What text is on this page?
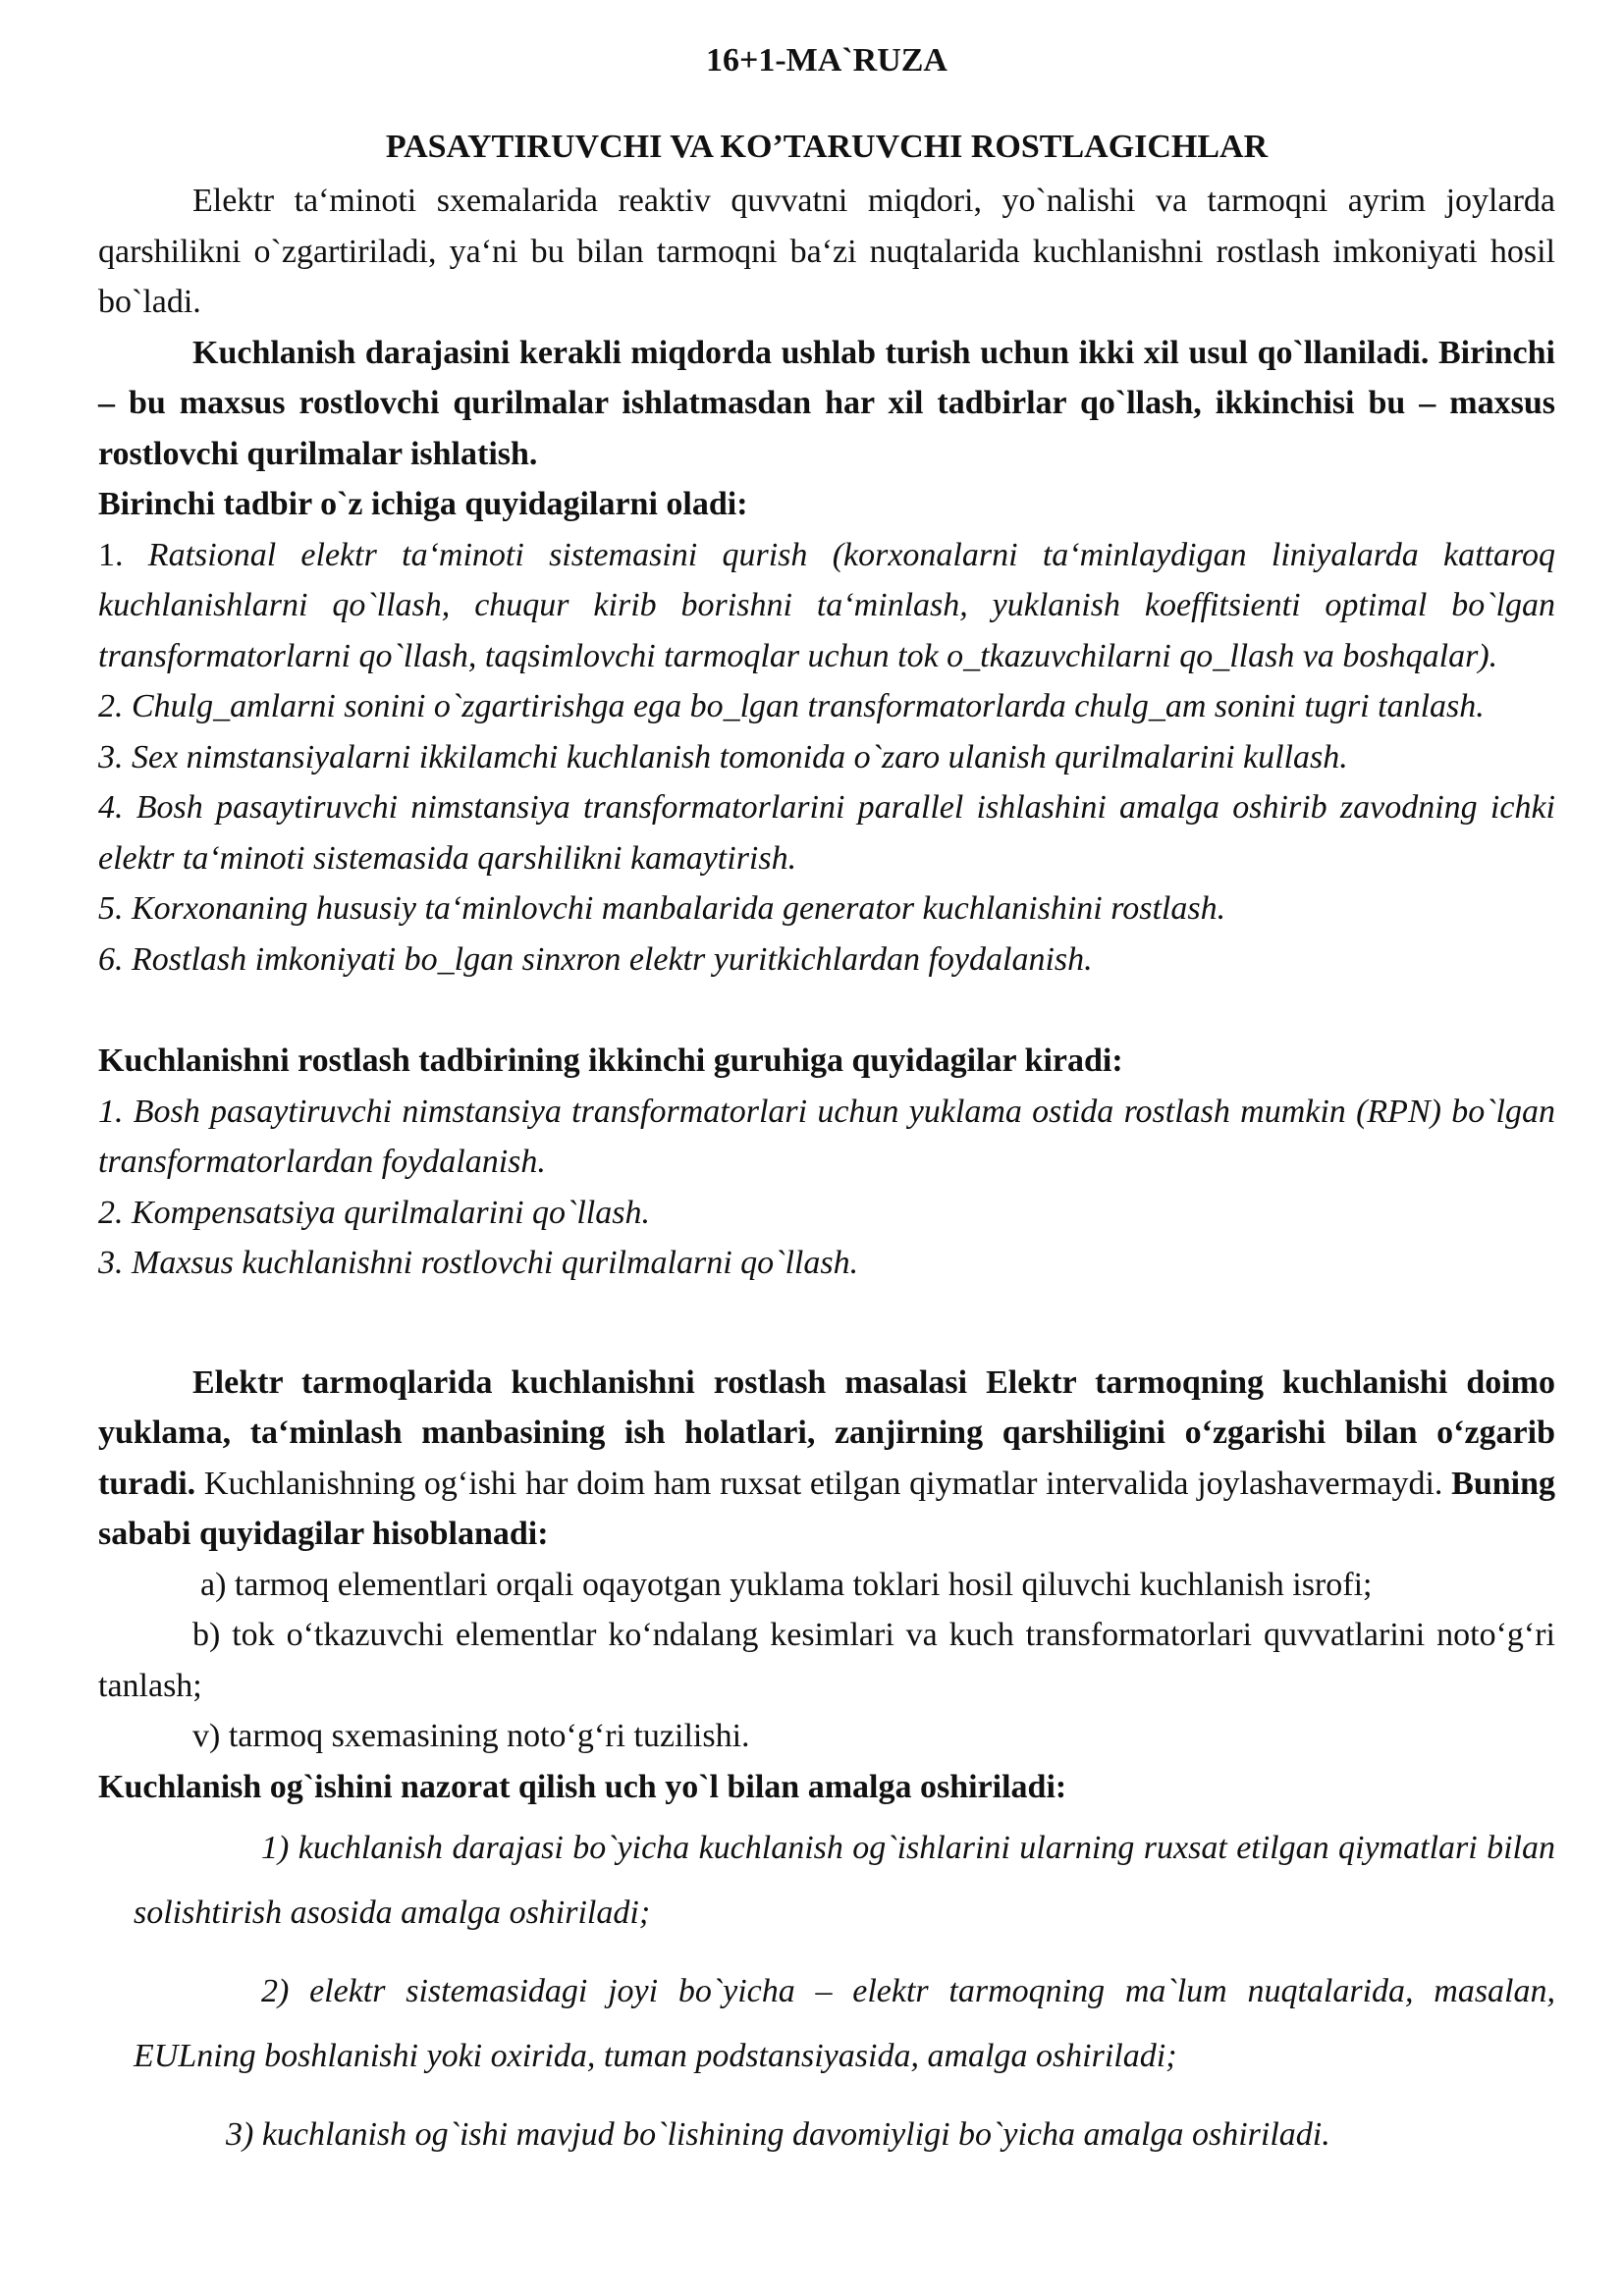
16+1-MA`RUZA

PASAYTIRUVCHI VA KO’TARUVCHI ROSTLAGICHLAR

Elektr ta‘minoti sxemalarida reaktiv quvvatni miqdori, yo`nalishi va tarmoqni ayrim joylarda qarshilikni o`zgartiriladi, ya‘ni bu bilan tarmoqni ba‘zi nuqtalarida kuchlanishni rostlash imkoniyati hosil bo`ladi.

Kuchlanish darajasini kerakli miqdorda ushlab turish uchun ikki xil usul qo`llaniladi. Birinchi – bu maxsus rostlovchi qurilmalar ishlatmasdan har xil tadbirlar qo`llash, ikkinchisi bu – maxsus rostlovchi qurilmalar ishlatish.

Birinchi tadbir o`z ichiga quyidagilarni oladi:

1. Ratsional elektr ta‘minoti sistemasini qurish (korxonalarni ta‘minlaydigan liniyalarda kattaroq kuchlanishlarni qo`llash, chuqur kirib borishni ta‘minlash, yuklanish koeffitsienti optimal bo`lgan transformatorlarni qo`llash, taqsimlovchi tarmoqlar uchun tok o_tkazuvchilarni qo_llash va boshqalar).

2. Chulg_amlarni sonini o`zgartirishga ega bo_lgan transformatorlarda chulg_am sonini tugri tanlash.

3. Sex nimstansiyalarni ikkilamchi kuchlanish tomonida o`zaro ulanish qurilmalarini kullash.

4. Bosh pasaytiruvchi nimstansiya transformatorlarini parallel ishlashini amalga oshirib zavodning ichki elektr ta‘minoti sistemasida qarshilikni kamaytirish.

5. Korxonaning hususiy ta‘minlovchi manbalarida generator kuchlanishini rostlash.

6. Rostlash imkoniyati bo_lgan sinxron elektr yuritkichlardan foydalanish.

Kuchlanishni rostlash tadbirining ikkinchi guruhiga quyidagilar kiradi:

1. Bosh pasaytiruvchi nimstansiya transformatorlari uchun yuklama ostida rostlash mumkin (RPN) bo`lgan transformatorlardan foydalanish.

2. Kompensatsiya qurilmalarini qo`llash.

3. Maxsus kuchlanishni rostlovchi qurilmalarni qo`llash.

Elektr tarmoqlarida kuchlanishni rostlash masalasi Elektr tarmoqning kuchlanishi doimo yuklama, ta‘minlash manbasining ish holatlari, zanjirning qarshiligini o‘zgarishi bilan o‘zgarib turadi. Kuchlanishning og‘ishi har doim ham ruxsat etilgan qiymatlar intervalida joylashavermaydi. Buning sababi quyidagilar hisoblanadi:

a) tarmoq elementlari orqali oqayotgan yuklama toklari hosil qiluvchi kuchlanish isrofi;

b) tok o‘tkazuvchi elementlar ko‘ndalang kesimlari va kuch transformatorlari quvvatlarini noto‘g‘ri tanlash;

v) tarmoq sxemasining noto‘g‘ri tuzilishi.

Kuchlanish og`ishini nazorat qilish uch yo`l bilan amalga oshiriladi:

1) kuchlanish darajasi bo`yicha kuchlanish og`ishlarini ularning ruxsat etilgan qiymatlari bilan solishtirish asosida amalga oshiriladi;

2) elektr sistemasidagi joyi bo`yicha – elektr tarmoqning ma`lum nuqtalarida, masalan, EULning boshlanishi yoki oxirida, tuman podstansiyasida, amalga oshiriladi;

3) kuchlanish og`ishi mavjud bo`lishining davomiyligi bo`yicha amalga oshiriladi.
